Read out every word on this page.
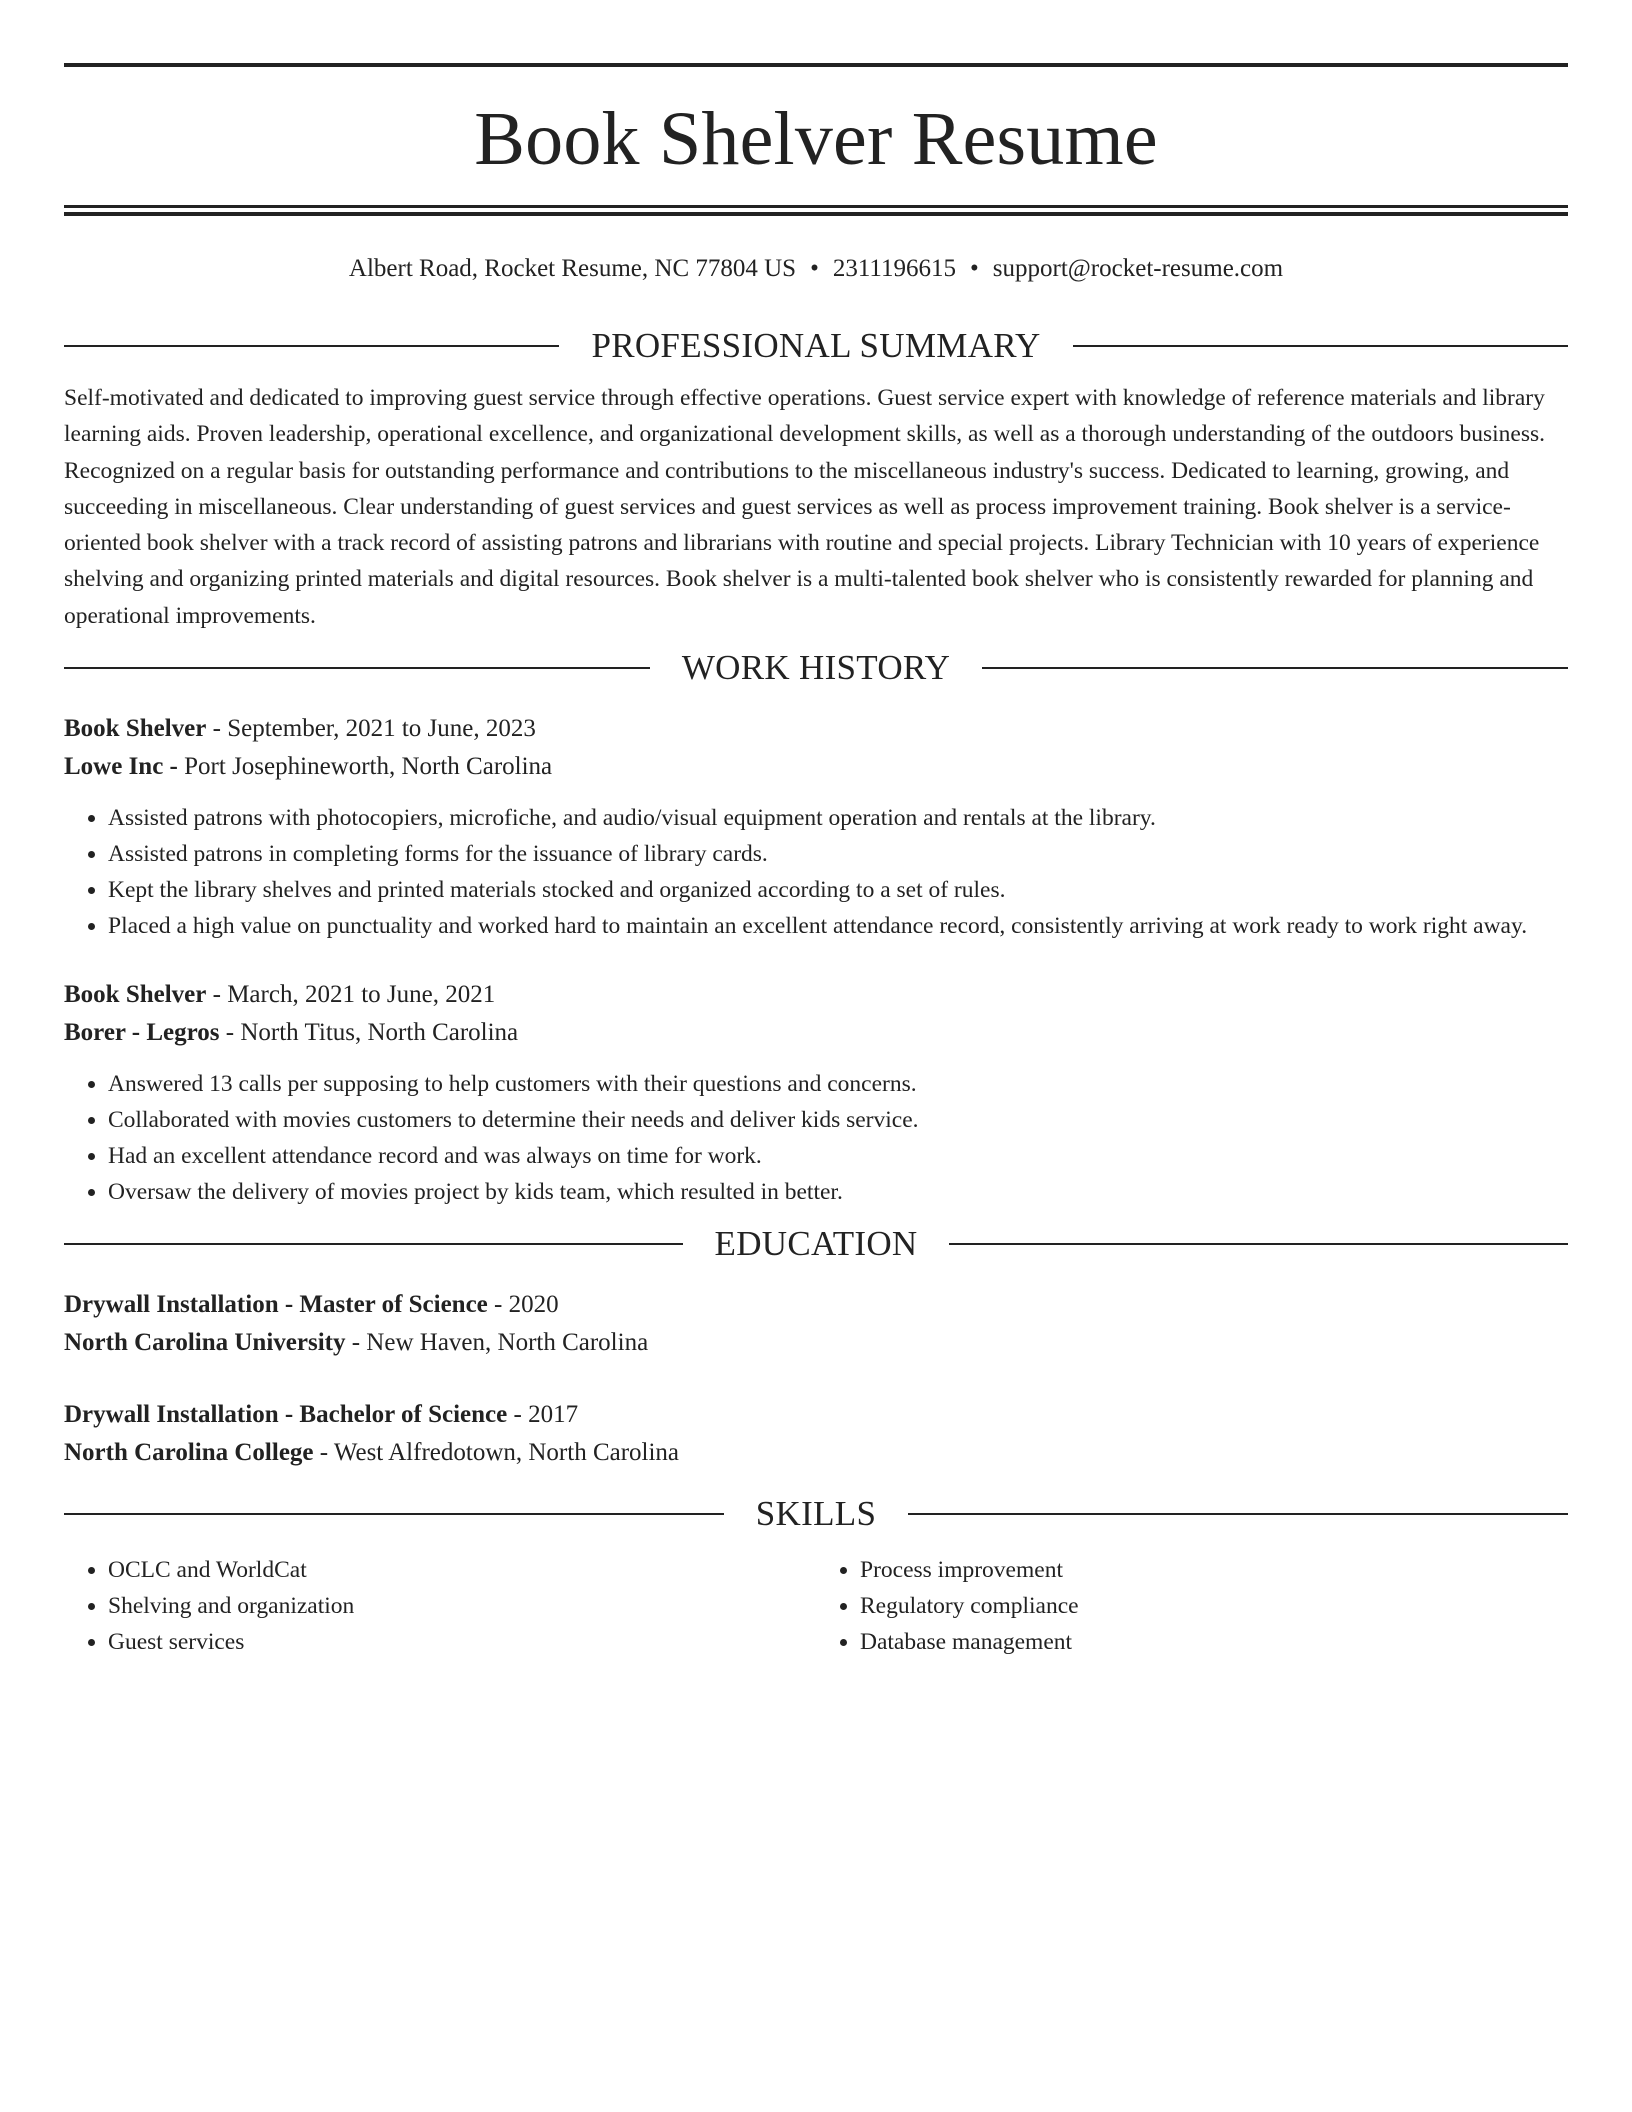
Book Shelver Resume
Albert Road, Rocket Resume, NC 77804 US • 2311196615 • support@rocket-resume.com
PROFESSIONAL SUMMARY

Self-motivated and dedicated to improving guest service through effective operations. Guest service expert with knowledge of reference materials and library learning aids. Proven leadership, operational excellence, and organizational development skills, as well as a thorough understanding of the outdoors business. Recognized on a regular basis for outstanding performance and contributions to the miscellaneous industry's success. Dedicated to learning, growing, and succeeding in miscellaneous. Clear understanding of guest services and guest services as well as process improvement training. Book shelver is a service-oriented book shelver with a track record of assisting patrons and librarians with routine and special projects. Library Technician with 10 years of experience shelving and organizing printed materials and digital resources. Book shelver is a multi-talented book shelver who is consistently rewarded for planning and operational improvements.

WORK HISTORY
Book Shelver - September, 2021 to June, 2023
Lowe Inc - Port Josephineworth, North Carolina
• Assisted patrons with photocopiers, microfiche, and audio/visual equipment operation and rentals at the library.
• Assisted patrons in completing forms for the issuance of library cards.
• Kept the library shelves and printed materials stocked and organized according to a set of rules.
• Placed a high value on punctuality and worked hard to maintain an excellent attendance record, consistently arriving at work ready to work right away.
Book Shelver - March, 2021 to June, 2021
Borer - Legros - North Titus, North Carolina
• Answered 13 calls per supposing to help customers with their questions and concerns.
• Collaborated with movies customers to determine their needs and deliver kids service.
• Had an excellent attendance record and was always on time for work.
• Oversaw the delivery of movies project by kids team, which resulted in better.
EDUCATION
Drywall Installation - Master of Science - 2020
North Carolina University - New Haven, North Carolina
Drywall Installation - Bachelor of Science - 2017
North Carolina College - West Alfredotown, North Carolina
SKILLS
• OCLC and WorldCat
• Shelving and organization
• Guest services
• Process improvement
• Regulatory compliance
• Database management
